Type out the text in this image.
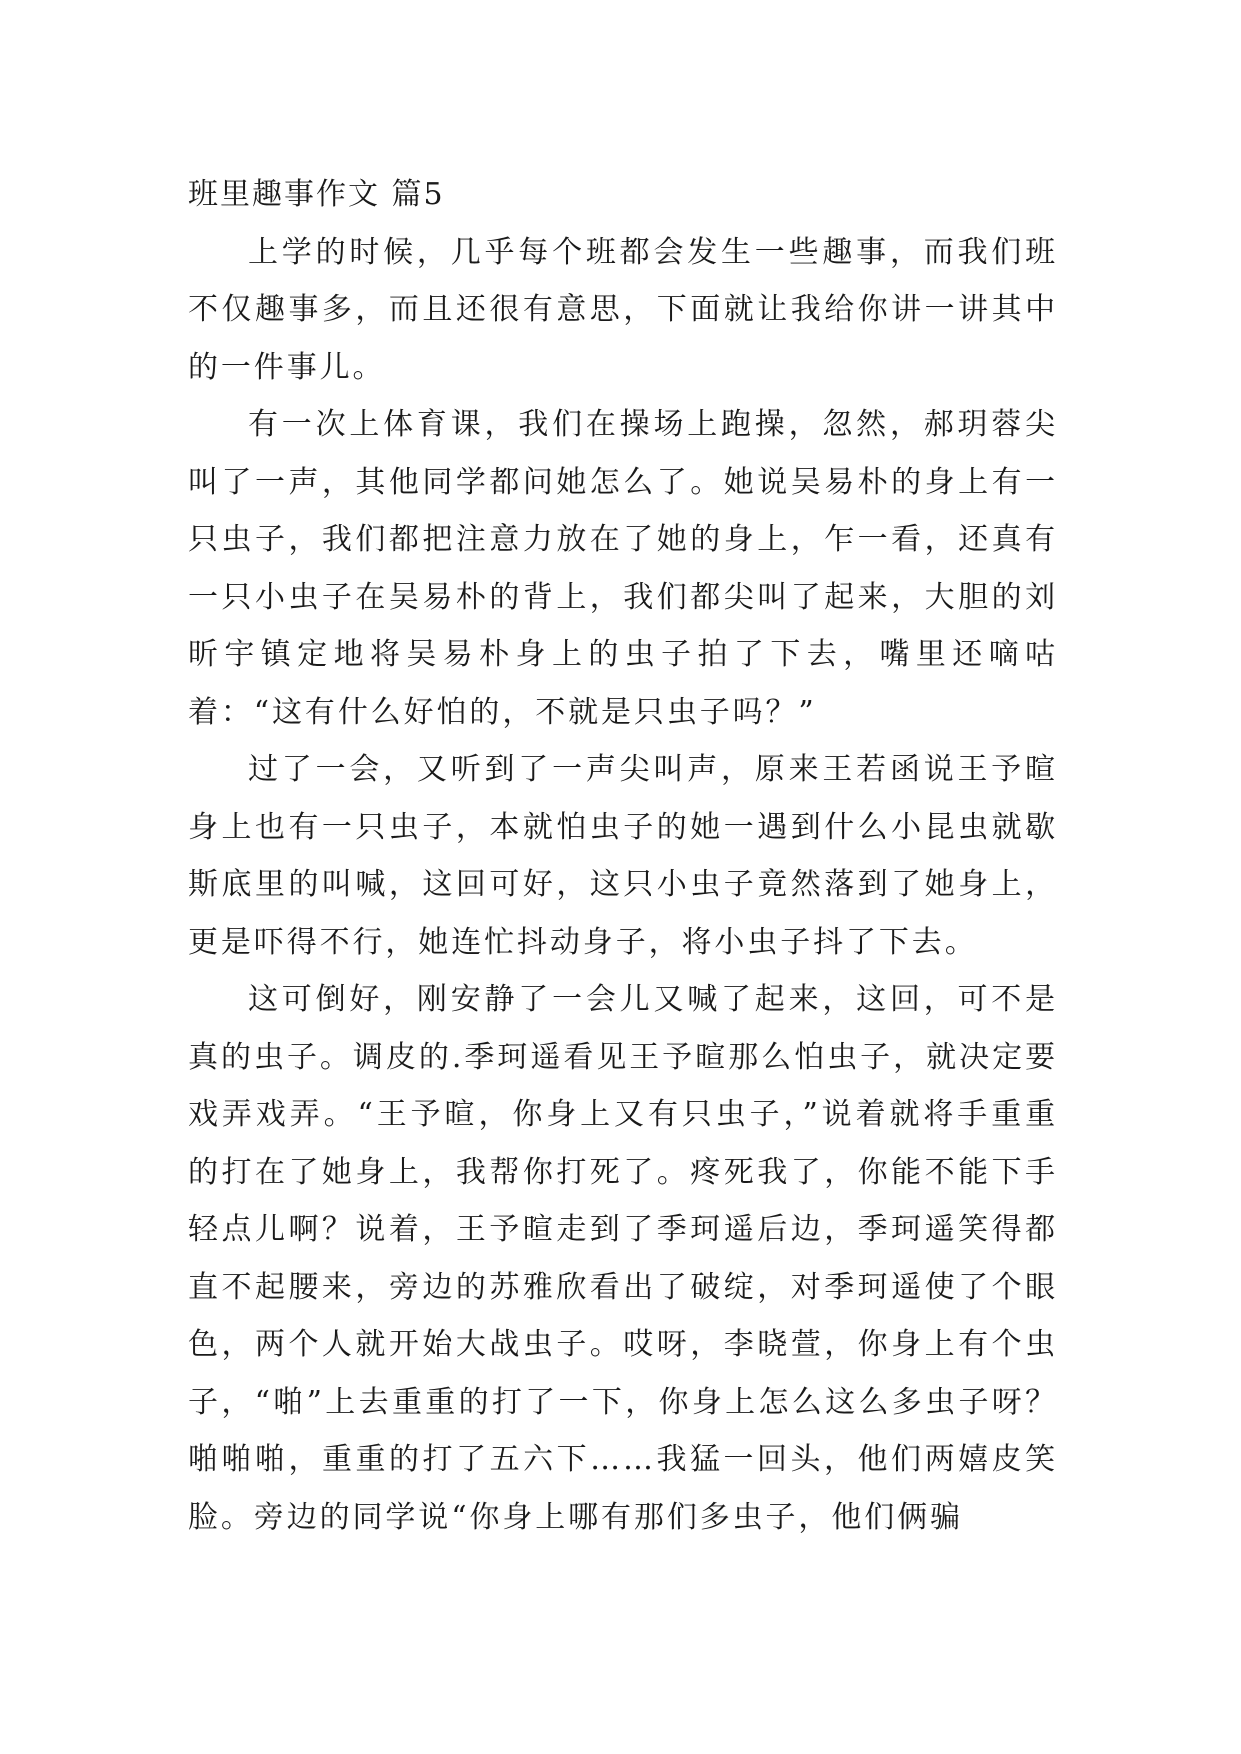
班里趣事作文 篇5

上学的时候，几乎每个班都会发生一些趣事，而我们班不仅趣事多，而且还很有意思，下面就让我给你讲一讲其中的一件事儿。

有一次上体育课，我们在操场上跑操，忽然，郝玥蓉尖叫了一声，其他同学都问她怎么了。她说吴易朴的身上有一只虫子，我们都把注意力放在了她的身上，乍一看，还真有一只小虫子在吴易朴的背上，我们都尖叫了起来，大胆的刘昕宇镇定地将吴易朴身上的虫子拍了下去，嘴里还嘀咕着：“这有什么好怕的，不就是只虫子吗？”

过了一会，又听到了一声尖叫声，原来王若函说王予暄身上也有一只虫子，本就怕虫子的她一遇到什么小昆虫就歇斯底里的叫喊，这回可好，这只小虫子竟然落到了她身上，更是吓得不行，她连忙抖动身子，将小虫子抖了下去。

这可倒好，刚安静了一会儿又喊了起来，这回，可不是真的虫子。调皮的.季珂遥看见王予暄那么怕虫子，就决定要戏弄戏弄。“王予暄，你身上又有只虫子，”说着就将手重重的打在了她身上，我帮你打死了。疼死我了，你能不能下手轻点儿啊？说着，王予暄走到了季珂遥后边，季珂遥笑得都直不起腰来，旁边的苏雅欣看出了破绽，对季珂遥使了个眼色，两个人就开始大战虫子。哎呀，李晓萱，你身上有个虫子，“啪”上去重重的打了一下，你身上怎么这么多虫子呀？啪啪啪，重重的打了五六下……我猛一回头，他们两嬉皮笑脸。旁边的同学说“你身上哪有那们多虫子，他们俩骗
